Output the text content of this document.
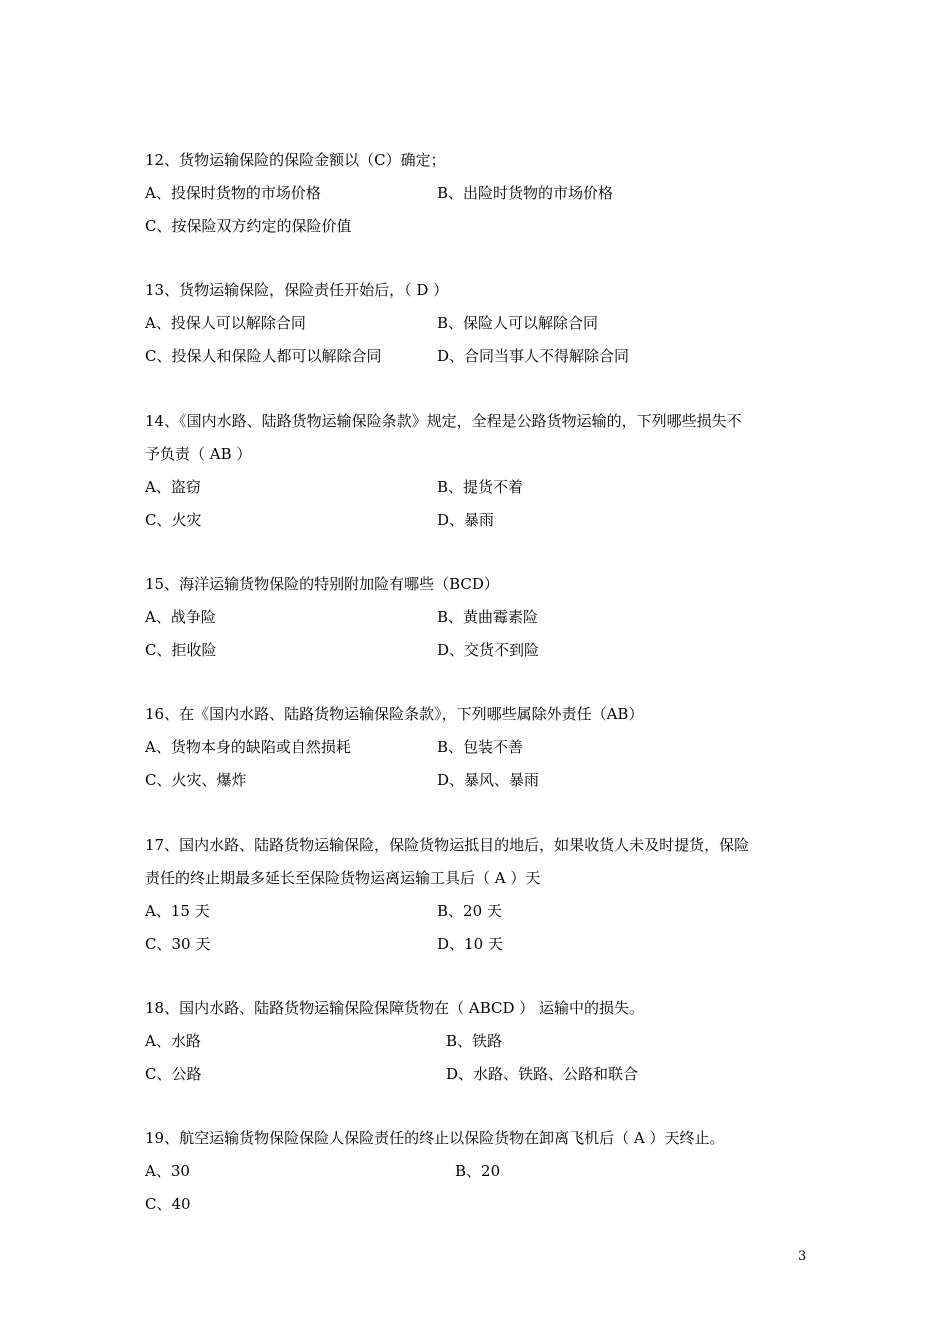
12、货物运输保险的保险金额以（C）确定；
A、投保时货物的市场价格	B、出险时货物的市场价格
C、按保险双方约定的保险价值
13、货物运输保险，保险责任开始后，（ D ）
A、投保人可以解除合同	B、保险人可以解除合同
C、投保人和保险人都可以解除合同	D、合同当事人不得解除合同
14、《国内水路、陆路货物运输保险条款》规定，全程是公路货物运输的，下列哪些损失不
予负责（ AB ）
A、盗窃	B、提货不着
C、火灾	D、暴雨
15、海洋运输货物保险的特别附加险有哪些（BCD）
A、战争险	B、黄曲霉素险
C、拒收险	D、交货不到险
16、在《国内水路、陆路货物运输保险条款》，下列哪些属除外责任（AB）
A、货物本身的缺陷或自然损耗	B、包装不善
C、火灾、爆炸	D、暴风、暴雨
17、国内水路、陆路货物运输保险，保险货物运抵目的地后，如果收货人未及时提货，保险
责任的终止期最多延长至保险货物运离运输工具后（ A ）天
A、15 天	B、20 天
C、30 天	D、10 天
18、国内水路、陆路货物运输保险保障货物在（ ABCD ） 运输中的损失。
A、水路	B、铁路
C、公路	D、水路、铁路、公路和联合
19、航空运输货物保险保险人保险责任的终止以保险货物在卸离飞机后（ A ）天终止。
A、30	B、20
C、40
3
